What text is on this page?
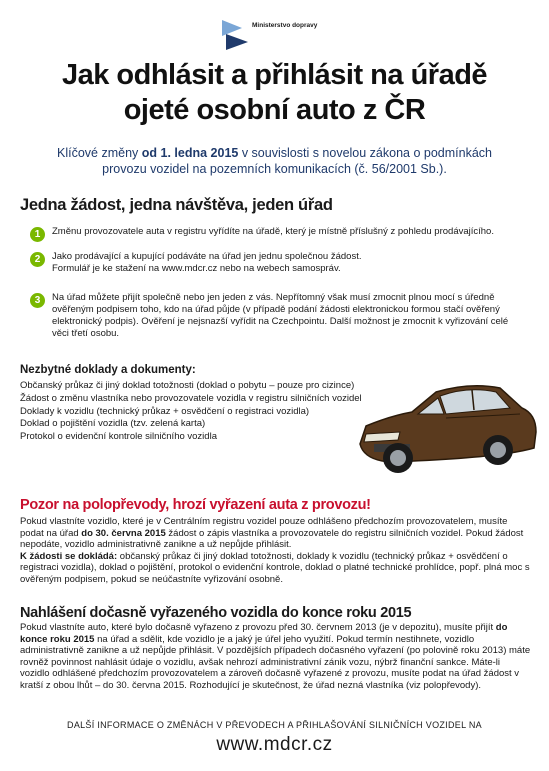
Ministerstvo dopravy
Jak odhlásit a přihlásit na úřadě
ojeté osobní auto z ČR
Klíčové změny od 1. ledna 2015 v souvislosti s novelou zákona o podmínkách provozu vozidel na pozemních komunikacích (č. 56/2001 Sb.).
Jedna žádost, jedna návštěva, jeden úřad
1	Změnu provozovatele auta v registru vyřídíte na úřadě, který je místně příslušný z pohledu prodávajícího.
2	Jako prodávající a kupující podáváte na úřad jen jednu společnou žádost. Formulář je ke stažení na www.mdcr.cz nebo na webech samospráv.
3	Na úřad můžete přijít společně nebo jen jeden z vás. Nepřítomný však musí zmocnit plnou mocí s úředně ověřeným podpisem toho, kdo na úřad půjde (v případě podání žádosti elektronickou formou stačí ověřený elektronický podpis). Ověření je nejsnazší vyřídit na Czechpointu. Další možnost je zmocnit k vyřizování celé věci třetí osobu.
Nezbytné doklady a dokumenty:
Občanský průkaz či jiný doklad totožnosti (doklad o pobytu – pouze pro cizince)
Žádost o změnu vlastníka nebo provozovatele vozidla v registru silničních vozidel
Doklady k vozidlu (technický průkaz + osvědčení o registraci vozidla)
Doklad o pojištění vozidla (tzv. zelená karta)
Protokol o evidenční kontrole silničního vozidla
Pozor na polopřevody, hrozí vyřazení auta z provozu!

Pokud vlastníte vozidlo, které je v Centrálním registru vozidel pouze odhlášeno předchozím provozovatelem, musíte podat na úřad do 30. června 2015 žádost o zápis vlastníka a provozovatele do registru silničních vozidel. Pokud žádost nepodáte, vozidlo administrativně zanikne a už nepůjde přihlásit.
K žádosti se dokládá: občanský průkaz či jiný doklad totožnosti, doklady k vozidlu (technický průkaz + osvědčení o registraci vozidla), doklad o pojištění, protokol o evidenční kontrole, doklad o platné technické prohlídce, popř. plná moc s ověřeným podpisem, pokud se neúčastníte vyřizování osobně.

Nahlášení dočasně vyřazeného vozidla do konce roku 2015

Pokud vlastníte auto, které bylo dočasně vyřazeno z provozu před 30. červnem 2013 (je v depozitu), musíte přijít do konce roku 2015 na úřad a sdělit, kde vozidlo je a jaký je úřel jeho využití. Pokud termín nestihnete, vozidlo administrativně zanikne a už nepůjde přihlásit. V pozdějších případech dočasného vyřazení (po polovině roku 2013) máte rovněž povinnost nahlásit údaje o vozidlu, avšak nehrozí administrativní zánik vozu, nýbrž finanční sankce. Máte-li vozidlo odhlášené předchozím provozovatelem a zároveň dočasně vyřazené z provozu, musíte podat na úřad žádost v kratší z obou lhůt – do 30. června 2015. Rozhodující je skutečnost, že úřad nezná vlastníka (viz polopřevody).

DALŠÍ INFORMACE O ZMĚNÁCH V PŘEVODECH A PŘIHLAŠOVÁNÍ SILNIČNÍCH VOZIDEL NA
www.mdcr.cz
